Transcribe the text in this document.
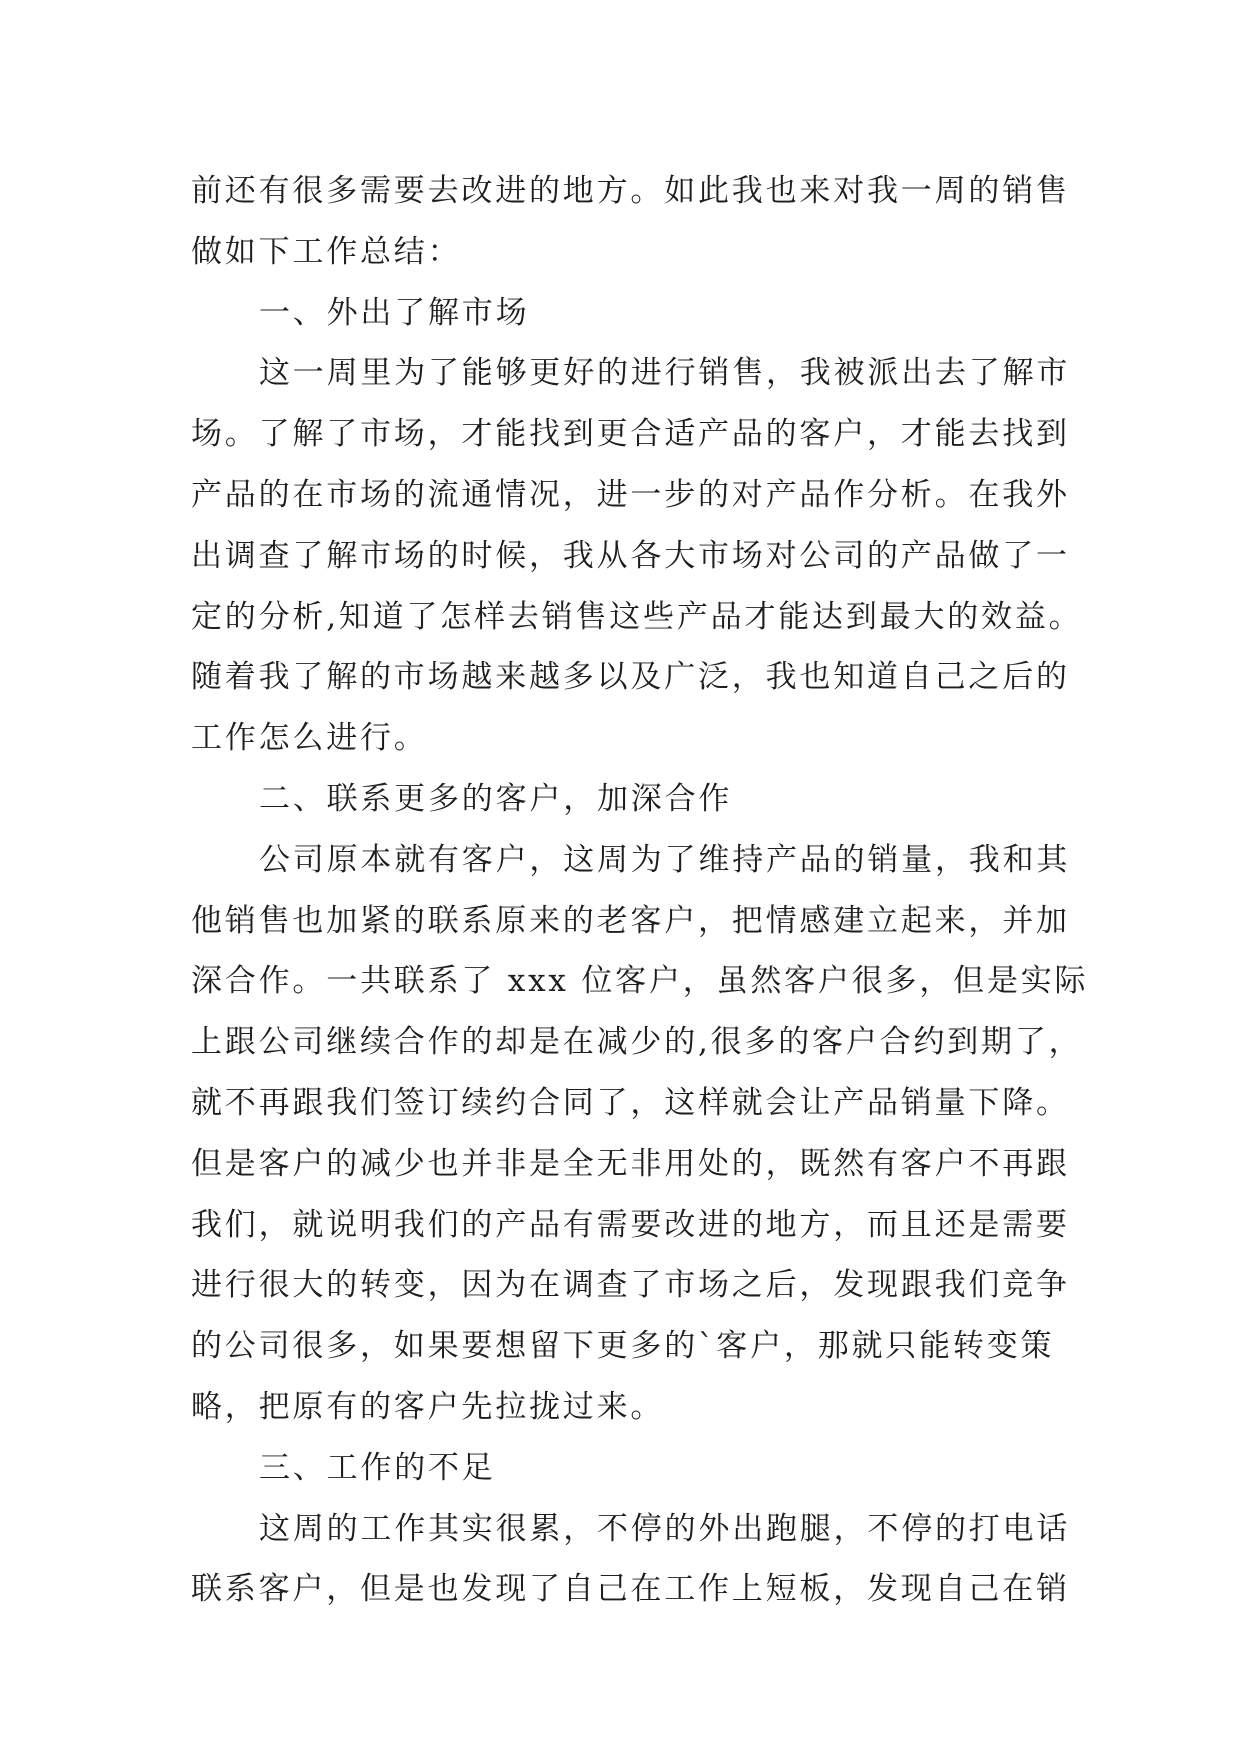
前还有很多需要去改进的地方。如此我也来对我一周的销售
做如下工作总结：

一、外出了解市场

这一周里为了能够更好的进行销售，我被派出去了解市
场。了解了市场，才能找到更合适产品的客户，才能去找到
产品的在市场的流通情况，进一步的对产品作分析。在我外
出调查了解市场的时候，我从各大市场对公司的产品做了一
定的分析,知道了怎样去销售这些产品才能达到最大的效益。
随着我了解的市场越来越多以及广泛，我也知道自己之后的
工作怎么进行。

二、联系更多的客户，加深合作

公司原本就有客户，这周为了维持产品的销量，我和其
他销售也加紧的联系原来的老客户，把情感建立起来，并加
深合作。一共联系了 xxx 位客户，虽然客户很多，但是实际
上跟公司继续合作的却是在减少的,很多的客户合约到期了，
就不再跟我们签订续约合同了，这样就会让产品销量下降。
但是客户的减少也并非是全无非用处的，既然有客户不再跟
我们，就说明我们的产品有需要改进的地方，而且还是需要
进行很大的转变，因为在调查了市场之后，发现跟我们竞争
的公司很多，如果要想留下更多的`客户，那就只能转变策
略，把原有的客户先拉拢过来。

三、工作的不足

这周的工作其实很累，不停的外出跑腿，不停的打电话
联系客户，但是也发现了自己在工作上短板，发现自己在销
